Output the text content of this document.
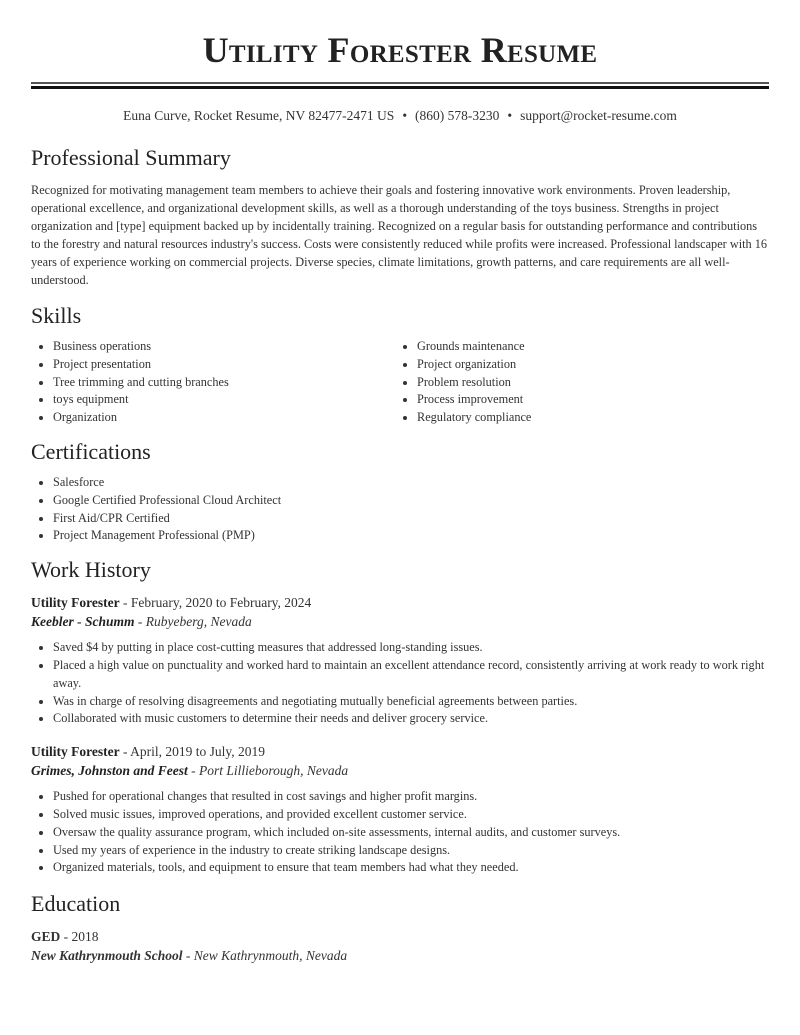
Utility Forester Resume
Euna Curve, Rocket Resume, NV 82477-2471 US • (860) 578-3230 • support@rocket-resume.com
Professional Summary

Recognized for motivating management team members to achieve their goals and fostering innovative work environments. Proven leadership, operational excellence, and organizational development skills, as well as a thorough understanding of the toys business. Strengths in project organization and [type] equipment backed up by incidentally training. Recognized on a regular basis for outstanding performance and contributions to the forestry and natural resources industry's success. Costs were consistently reduced while profits were increased. Professional landscaper with 16 years of experience working on commercial projects. Diverse species, climate limitations, growth patterns, and care requirements are all well-understood.

Skills
• Business operations
• Project presentation
• Tree trimming and cutting branches
• toys equipment
• Organization
• Grounds maintenance
• Project organization
• Problem resolution
• Process improvement
• Regulatory compliance
Certifications
• Salesforce
• Google Certified Professional Cloud Architect
• First Aid/CPR Certified
• Project Management Professional (PMP)
Work History
Utility Forester - February, 2020 to February, 2024
Keebler - Schumm - Rubyeberg, Nevada
• Saved $4 by putting in place cost-cutting measures that addressed long-standing issues.
• Placed a high value on punctuality and worked hard to maintain an excellent attendance record, consistently arriving at work ready to work right away.
• Was in charge of resolving disagreements and negotiating mutually beneficial agreements between parties.
• Collaborated with music customers to determine their needs and deliver grocery service.
Utility Forester - April, 2019 to July, 2019
Grimes, Johnston and Feest - Port Lillieborough, Nevada
• Pushed for operational changes that resulted in cost savings and higher profit margins.
• Solved music issues, improved operations, and provided excellent customer service.
• Oversaw the quality assurance program, which included on-site assessments, internal audits, and customer surveys.
• Used my years of experience in the industry to create striking landscape designs.
• Organized materials, tools, and equipment to ensure that team members had what they needed.
Education
GED - 2018
New Kathrynmouth School - New Kathrynmouth, Nevada
